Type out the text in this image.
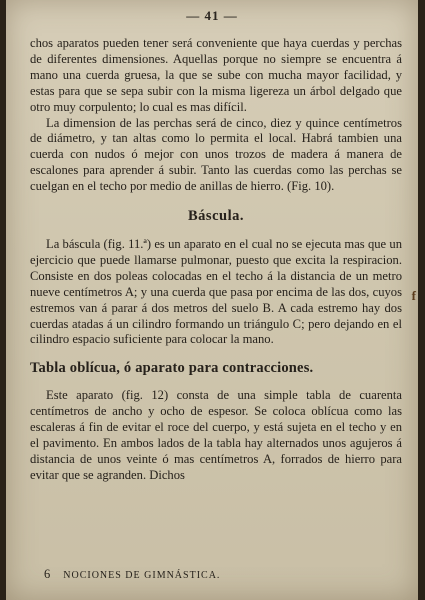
— 41 —

chos aparatos pueden tener será conveniente que haya cuerdas y perchas de diferentes dimensiones. Aquellas porque no siempre se encuentra á mano una cuerda gruesa, la que se sube con mucha mayor facilidad, y estas para que se sepa subir con la misma ligereza un árbol delgado que otro muy corpulento; lo cual es mas difícil.

La dimension de las perchas será de cinco, diez y quince centímetros de diámetro, y tan altas como lo permita el local. Habrá tambien una cuerda con nudos ó mejor con unos trozos de madera á manera de escalones para aprender á subir. Tanto las cuerdas como las perchas se cuelgan en el techo por medio de anillas de hierro. (Fig. 10).

Báscula.

La báscula (fig. 11.ª) es un aparato en el cual no se ejecuta mas que un ejercicio que puede llamarse pulmonar, puesto que excita la respiracion. Consiste en dos poleas colocadas en el techo á la distancia de un metro nueve centímetros A; y una cuerda que pasa por encima de las dos, cuyos estremos van á parar á dos metros del suelo B. A cada estremo hay dos cuerdas atadas á un cilindro formando un triángulo C; pero dejando en el cilindro espacio suficiente para colocar la mano.

Tabla oblícua, ó aparato para contracciones.

Este aparato (fig. 12) consta de una simple tabla de cuarenta centímetros de ancho y ocho de espesor. Se coloca oblícua como las escaleras á fin de evitar el roce del cuerpo, y está sujeta en el techo y en el pavimento. En ambos lados de la tabla hay alternados unos agujeros á distancia de unos veinte ó mas centímetros A, forrados de hierro para evitar que se agranden. Dichos

f
6 NOCIONES DE GIMNÁSTICA.
